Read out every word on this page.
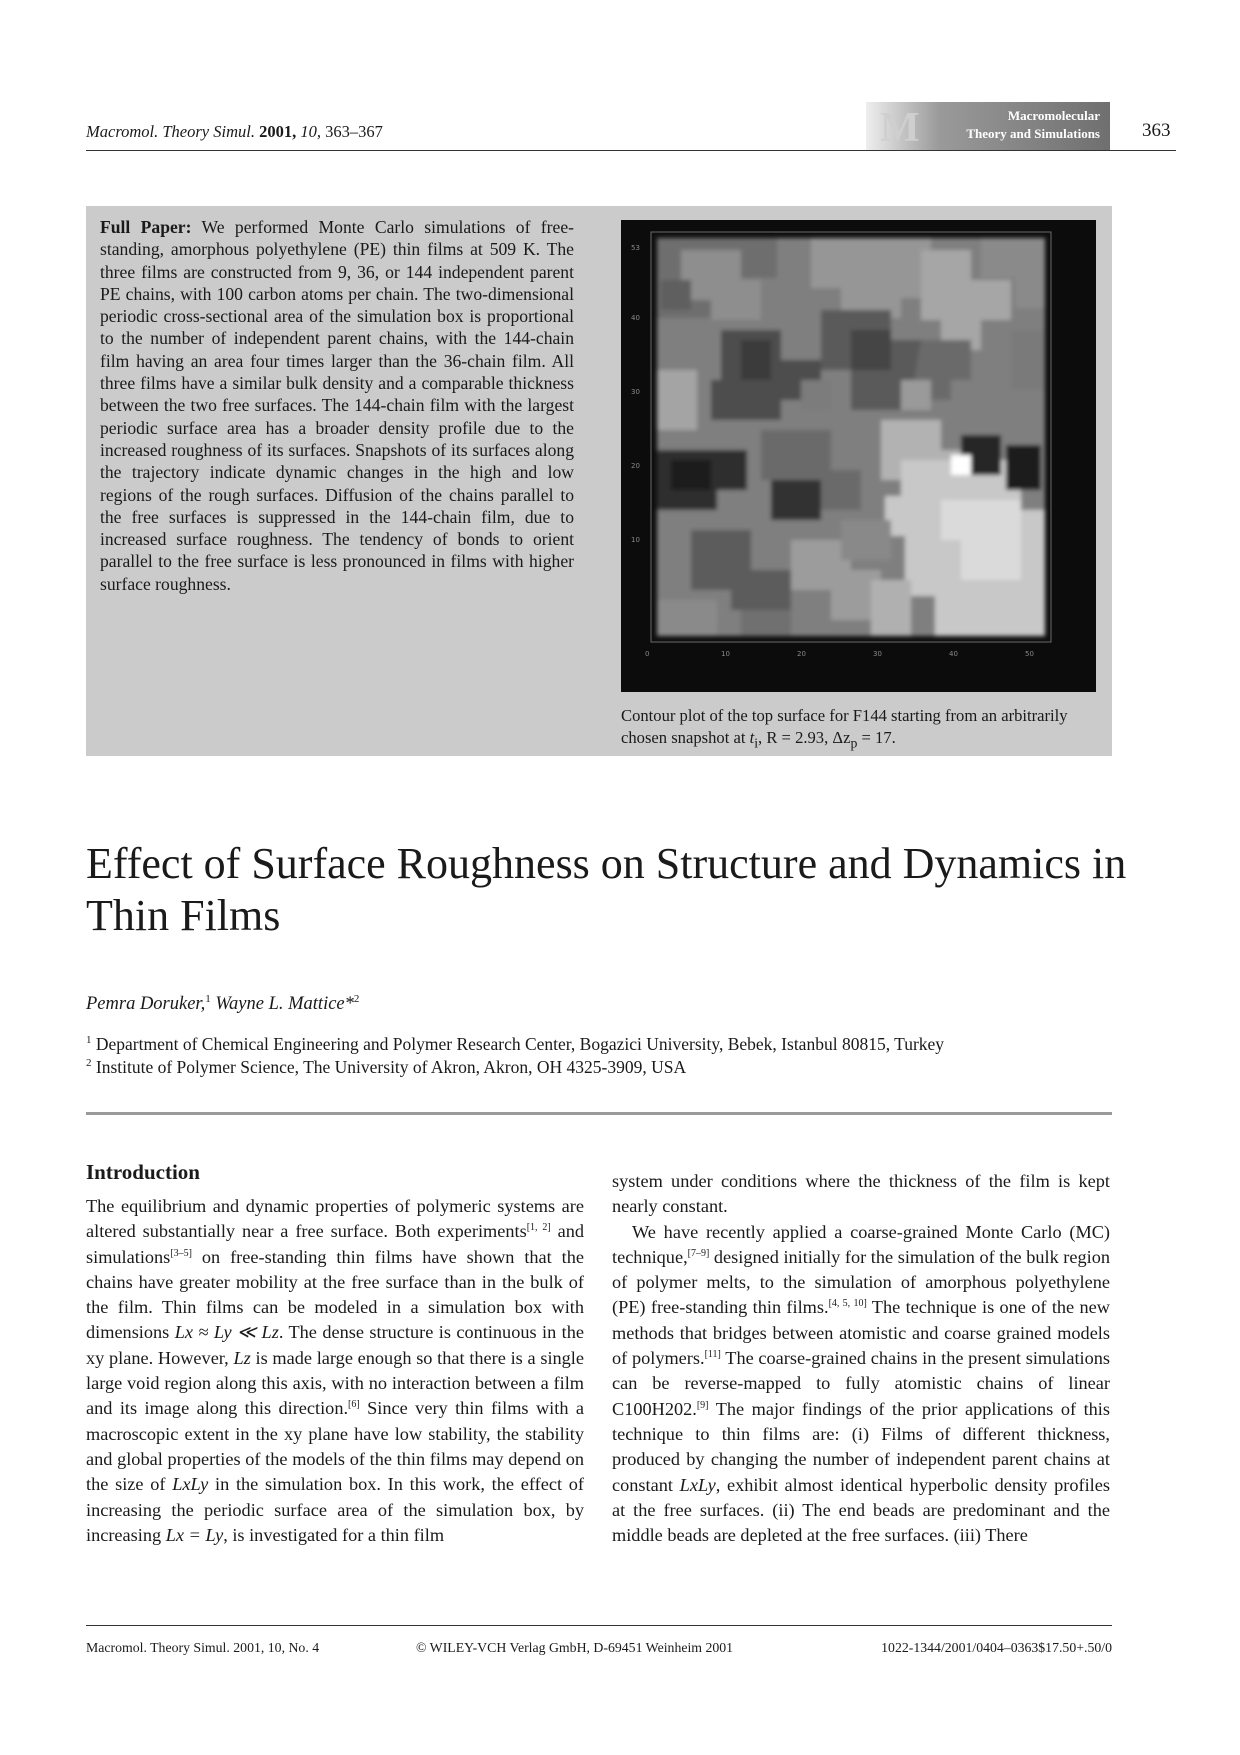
Macromol. Theory Simul. 2001, 10, 363–367	M	Macromolecular
Theory and Simulations 363
Full Paper: We performed Monte Carlo simulations of free-standing, amorphous polyethylene (PE) thin films at 509 K. The three films are constructed from 9, 36, or 144 independent parent PE chains, with 100 carbon atoms per chain. The two-dimensional periodic cross-sectional area of the simulation box is proportional to the number of independent parent chains, with the 144-chain film having an area four times larger than the 36-chain film. All three films have a similar bulk density and a comparable thickness between the two free surfaces. The 144-chain film with the largest periodic surface area has a broader density profile due to the increased roughness of its surfaces. Snapshots of its surfaces along the trajectory indicate dynamic changes in the high and low regions of the rough surfaces. Diffusion of the chains parallel to the free surfaces is suppressed in the 144-chain film, due to increased surface roughness. The tendency of bonds to orient parallel to the free surface is less pronounced in films with higher surface roughness.
53
40
30
20
10
0	10	20	30	40	50
Contour plot of the top surface for F144 starting from an arbitrarily chosen snapshot at $t_i$, R = 2.93, $\Delta z_p = 17$.
Effect of Surface Roughness on Structure and Dynamics in Thin Films
Pemra Doruker,$^1$ Wayne L. Mattice*$^2$
$^1$ Department of Chemical Engineering and Polymer Research Center, Bogazici University, Bebek, Istanbul 80815, Turkey
$^2$ Institute of Polymer Science, The University of Akron, Akron, OH 4325-3909, USA
Introduction

The equilibrium and dynamic properties of polymeric systems are altered substantially near a free surface. Both experiments[1, 2] and simulations[3–5] on free-standing thin films have shown that the chains have greater mobility at the free surface than in the bulk of the film. Thin films can be modeled in a simulation box with dimensions Lx ≈ Ly ≪ Lz. The dense structure is continuous in the xy plane. However, Lz is made large enough so that there is a single large void region along this axis, with no interaction between a film and its image along this direction.[6] Since very thin films with a macroscopic extent in the xy plane have low stability, the stability and global properties of the models of the thin films may depend on the size of LxLy in the simulation box. In this work, the effect of increasing the periodic surface area of the simulation box, by increasing Lx = Ly, is investigated for a thin film

system under conditions where the thickness of the film is kept nearly constant.

We have recently applied a coarse-grained Monte Carlo (MC) technique,[7–9] designed initially for the simulation of the bulk region of polymer melts, to the simulation of amorphous polyethylene (PE) free-standing thin films.[4, 5, 10] The technique is one of the new methods that bridges between atomistic and coarse grained models of polymers.[11] The coarse-grained chains in the present simulations can be reverse-mapped to fully atomistic chains of linear C100H202.[9] The major findings of the prior applications of this technique to thin films are: (i) Films of different thickness, produced by changing the number of independent parent chains at constant LxLy, exhibit almost identical hyperbolic density profiles at the free surfaces. (ii) The end beads are predominant and the middle beads are depleted at the free surfaces. (iii) There

Macromol. Theory Simul. 2001, 10, No. 4	© WILEY-VCH Verlag GmbH, D-69451 Weinheim 2001	1022-1344/2001/0404–0363$17.50+.50/0
